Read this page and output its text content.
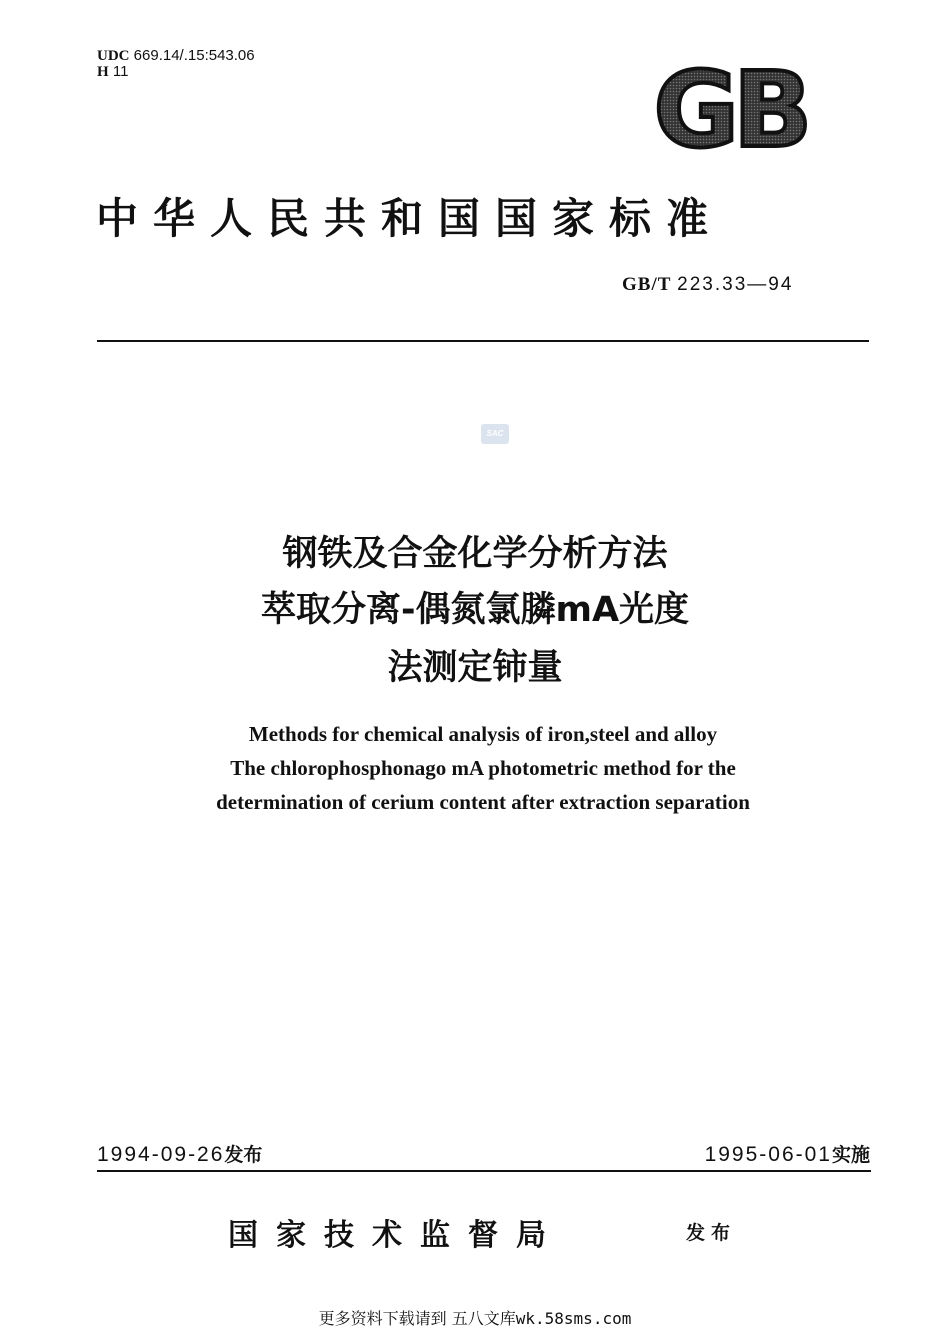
UDC 669.14/.15:543.06
H 11	GB
中华人民共和国国家标准
GB/T 223.33—94
SAC
钢铁及合金化学分析方法
萃取分离-偶氮氯膦mA光度
法测定铈量
Methods for chemical analysis of iron,steel and alloy
The chlorophosphonago mA photometric method for the
determination of cerium content after extraction separation
1994-09-26发布	1995-06-01实施
国家技术监督局	发布
更多资料下载请到 五八文库wk.58sms.com
